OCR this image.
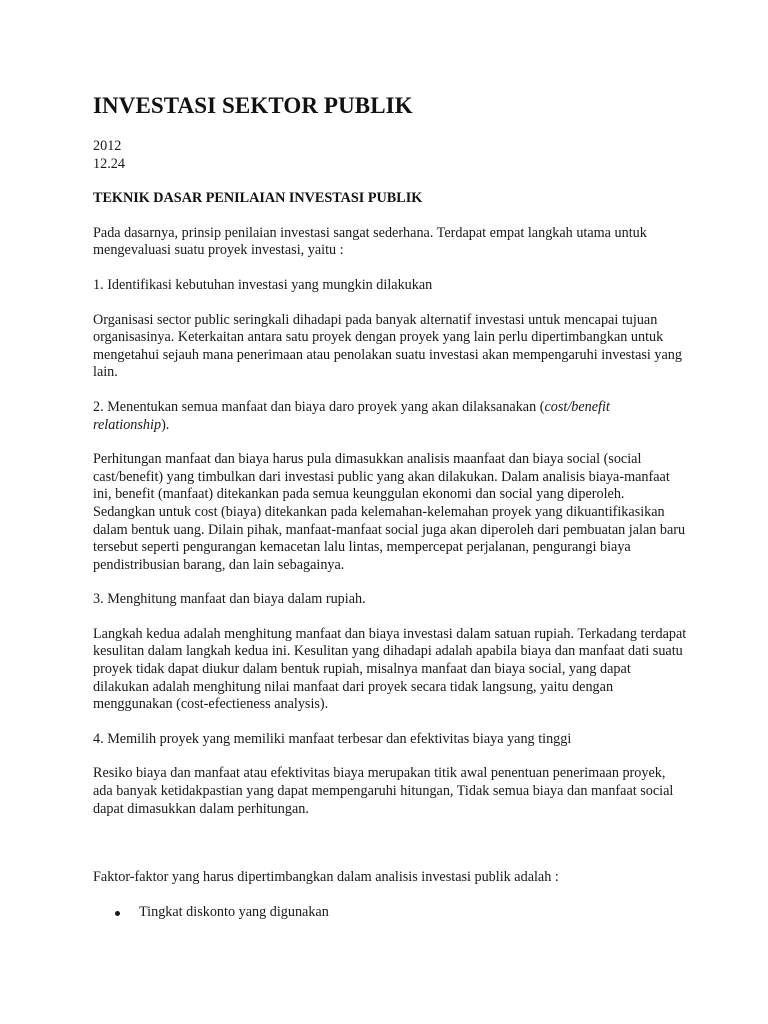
INVESTASI SEKTOR PUBLIK
2012
12.24
TEKNIK DASAR PENILAIAN INVESTASI PUBLIK

Pada dasarnya, prinsip penilaian investasi sangat sederhana. Terdapat empat langkah utama untuk mengevaluasi suatu proyek investasi, yaitu :

1. Identifikasi kebutuhan investasi yang mungkin dilakukan

Organisasi sector public seringkali dihadapi pada banyak alternatif investasi untuk mencapai tujuan organisasinya. Keterkaitan antara satu proyek dengan proyek yang lain perlu dipertimbangkan untuk mengetahui sejauh mana penerimaan atau penolakan suatu investasi akan mempengaruhi investasi yang lain.

2. Menentukan semua manfaat dan biaya daro proyek yang akan dilaksanakan (cost/benefit relationship).

Perhitungan manfaat dan biaya harus pula dimasukkan analisis maanfaat dan biaya social (social cast/benefit) yang timbulkan dari investasi public yang akan dilakukan. Dalam analisis biaya-manfaat ini, benefit (manfaat) ditekankan pada semua keunggulan ekonomi dan social yang diperoleh. Sedangkan untuk cost (biaya) ditekankan pada kelemahan-kelemahan proyek yang dikuantifikasikan dalam bentuk uang. Dilain pihak, manfaat-manfaat social juga akan diperoleh dari pembuatan jalan baru tersebut seperti pengurangan kemacetan lalu lintas, mempercepat perjalanan, pengurangi biaya pendistribusian barang, dan lain sebagainya.

3. Menghitung manfaat dan biaya dalam rupiah.

Langkah kedua adalah menghitung manfaat dan biaya investasi dalam satuan rupiah. Terkadang terdapat kesulitan dalam langkah kedua ini. Kesulitan yang dihadapi adalah apabila biaya dan manfaat dati suatu proyek tidak dapat diukur dalam bentuk rupiah, misalnya manfaat dan biaya social, yang dapat dilakukan adalah menghitung nilai manfaat dari proyek secara tidak langsung, yaitu dengan menggunakan (cost-efectieness analysis).

4. Memilih proyek yang memiliki manfaat terbesar dan efektivitas biaya yang tinggi

Resiko biaya dan manfaat atau efektivitas biaya merupakan titik awal penentuan penerimaan proyek, ada banyak ketidakpastian yang dapat mempengaruhi hitungan, Tidak semua biaya dan manfaat social dapat dimasukkan dalam perhitungan.

Faktor-faktor yang harus dipertimbangkan dalam analisis investasi publik adalah :

Tingkat diskonto yang digunakan
